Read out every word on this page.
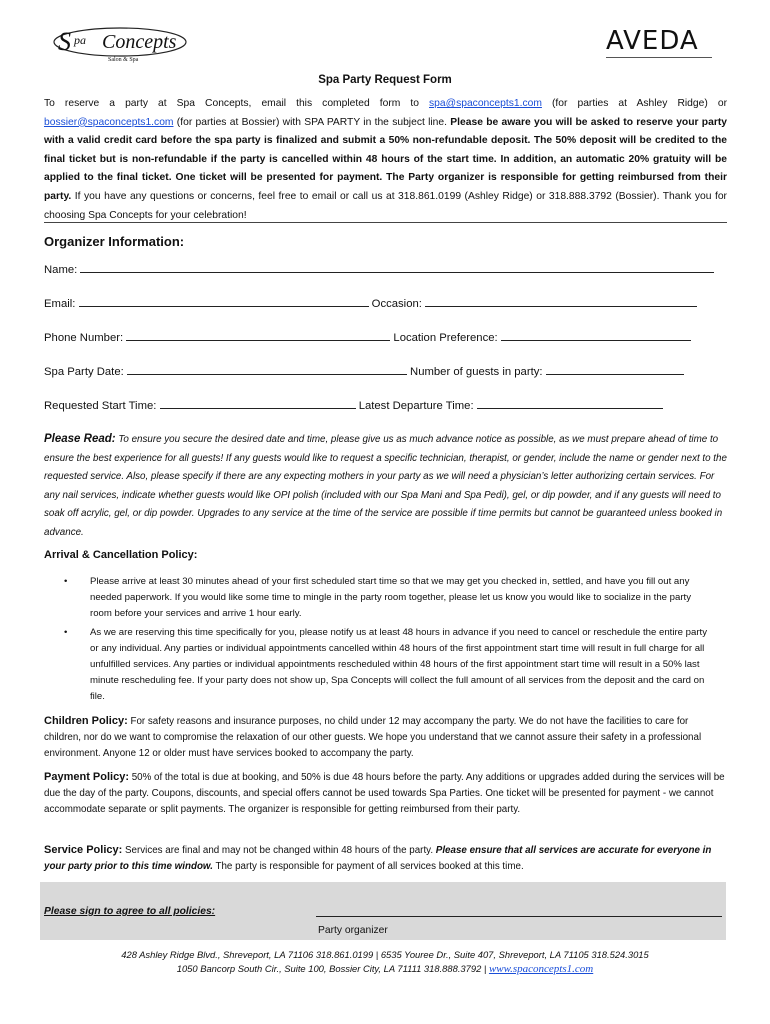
S pa Concepts
Salon & Spa
AVEDA
Spa Party Request Form
To reserve a party at Spa Concepts, email this completed form to spa@spaconcepts1.com (for parties at Ashley Ridge) or bossier@spaconcepts1.com (for parties at Bossier) with SPA PARTY in the subject line. Please be aware you will be asked to reserve your party with a valid credit card before the spa party is finalized and submit a 50% non-refundable deposit. The 50% deposit will be credited to the final ticket but is non-refundable if the party is cancelled within 48 hours of the start time. In addition, an automatic 20% gratuity will be applied to the final ticket. One ticket will be presented for payment. The Party organizer is responsible for getting reimbursed from their party. If you have any questions or concerns, feel free to email or call us at 318.861.0199 (Ashley Ridge) or 318.888.3792 (Bossier). Thank you for choosing Spa Concepts for your celebration!
Organizer Information:
Name:
Email:	Occasion:
Phone Number:	Location Preference:
Spa Party Date:	Number of guests in party:
Requested Start Time:	Latest Departure Time:
Please Read: To ensure you secure the desired date and time, please give us as much advance notice as possible, as we must prepare ahead of time to ensure the best experience for all guests! If any guests would like to request a specific technician, therapist, or gender, include the name or gender next to the requested service. Also, please specify if there are any expecting mothers in your party as we will need a physician’s letter authorizing certain services. For any nail services, indicate whether guests would like OPI polish (included with our Spa Mani and Spa Pedi), gel, or dip powder, and if any guests will need to soak off acrylic, gel, or dip powder. Upgrades to any service at the time of the service are possible if time permits but cannot be guaranteed unless booked in advance.
Arrival & Cancellation Policy:
• Please arrive at least 30 minutes ahead of your first scheduled start time so that we may get you checked in, settled, and have you fill out any needed paperwork. If you would like some time to mingle in the party room together, please let us know you would like to socialize in the party room before your services and arrive 1 hour early.
• As we are reserving this time specifically for you, please notify us at least 48 hours in advance if you need to cancel or reschedule the entire party or any individual. Any parties or individual appointments cancelled within 48 hours of the first appointment start time will result in full charge for all unfulfilled services. Any parties or individual appointments rescheduled within 48 hours of the first appointment start time will result in a 50% last minute rescheduling fee. If your party does not show up, Spa Concepts will collect the full amount of all services from the deposit and the card on file.
Children Policy: For safety reasons and insurance purposes, no child under 12 may accompany the party. We do not have the facilities to care for children, nor do we want to compromise the relaxation of our other guests. We hope you understand that we cannot assure their safety in a professional environment. Anyone 12 or older must have services booked to accompany the party.
Payment Policy: 50% of the total is due at booking, and 50% is due 48 hours before the party. Any additions or upgrades added during the services will be due the day of the party. Coupons, discounts, and special offers cannot be used towards Spa Parties. One ticket will be presented for payment - we cannot accommodate separate or split payments. The organizer is responsible for getting reimbursed from their party.
Service Policy: Services are final and may not be changed within 48 hours of the party. Please ensure that all services are accurate for everyone in your party prior to this time window. The party is responsible for payment of all services booked at this time.
Please sign to agree to all policies:
Party organizer
428 Ashley Ridge Blvd., Shreveport, LA 71106 318.861.0199 | 6535 Youree Dr., Suite 407, Shreveport, LA 71105 318.524.3015
1050 Bancorp South Cir., Suite 100, Bossier City, LA 71111 318.888.3792 | www.spaconcepts1.com
